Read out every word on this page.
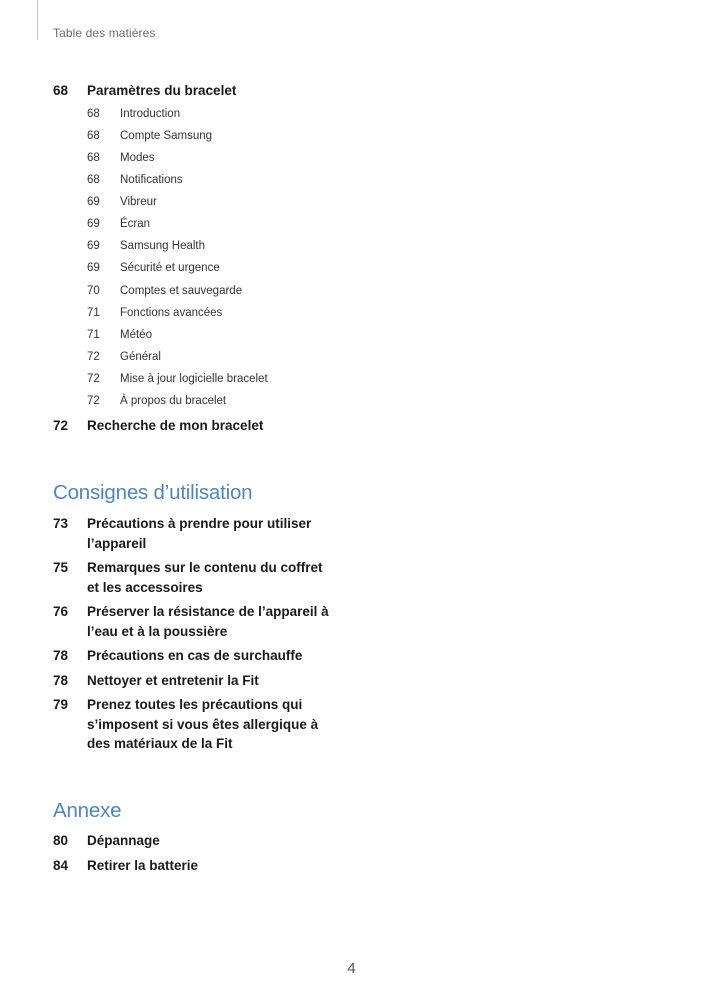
Table des matières
68	Paramètres du bracelet
68 Introduction
68 Compte Samsung
68 Modes
68 Notifications
69 Vibreur
69 Écran
69 Samsung Health
69 Sécurité et urgence
70 Comptes et sauvegarde
71 Fonctions avancées
71 Météo
72 Général
72 Mise à jour logicielle bracelet
72 À propos du bracelet
72	Recherche de mon bracelet
Consignes d’utilisation
73	Précautions à prendre pour utiliser l’appareil
75	Remarques sur le contenu du coffret et les accessoires
76	Préserver la résistance de l’appareil à l’eau et à la poussière
78	Précautions en cas de surchauffe
78	Nettoyer et entretenir la Fit
79	Prenez toutes les précautions qui s’imposent si vous êtes allergique à des matériaux de la Fit
Annexe
80	Dépannage
84	Retirer la batterie
4
